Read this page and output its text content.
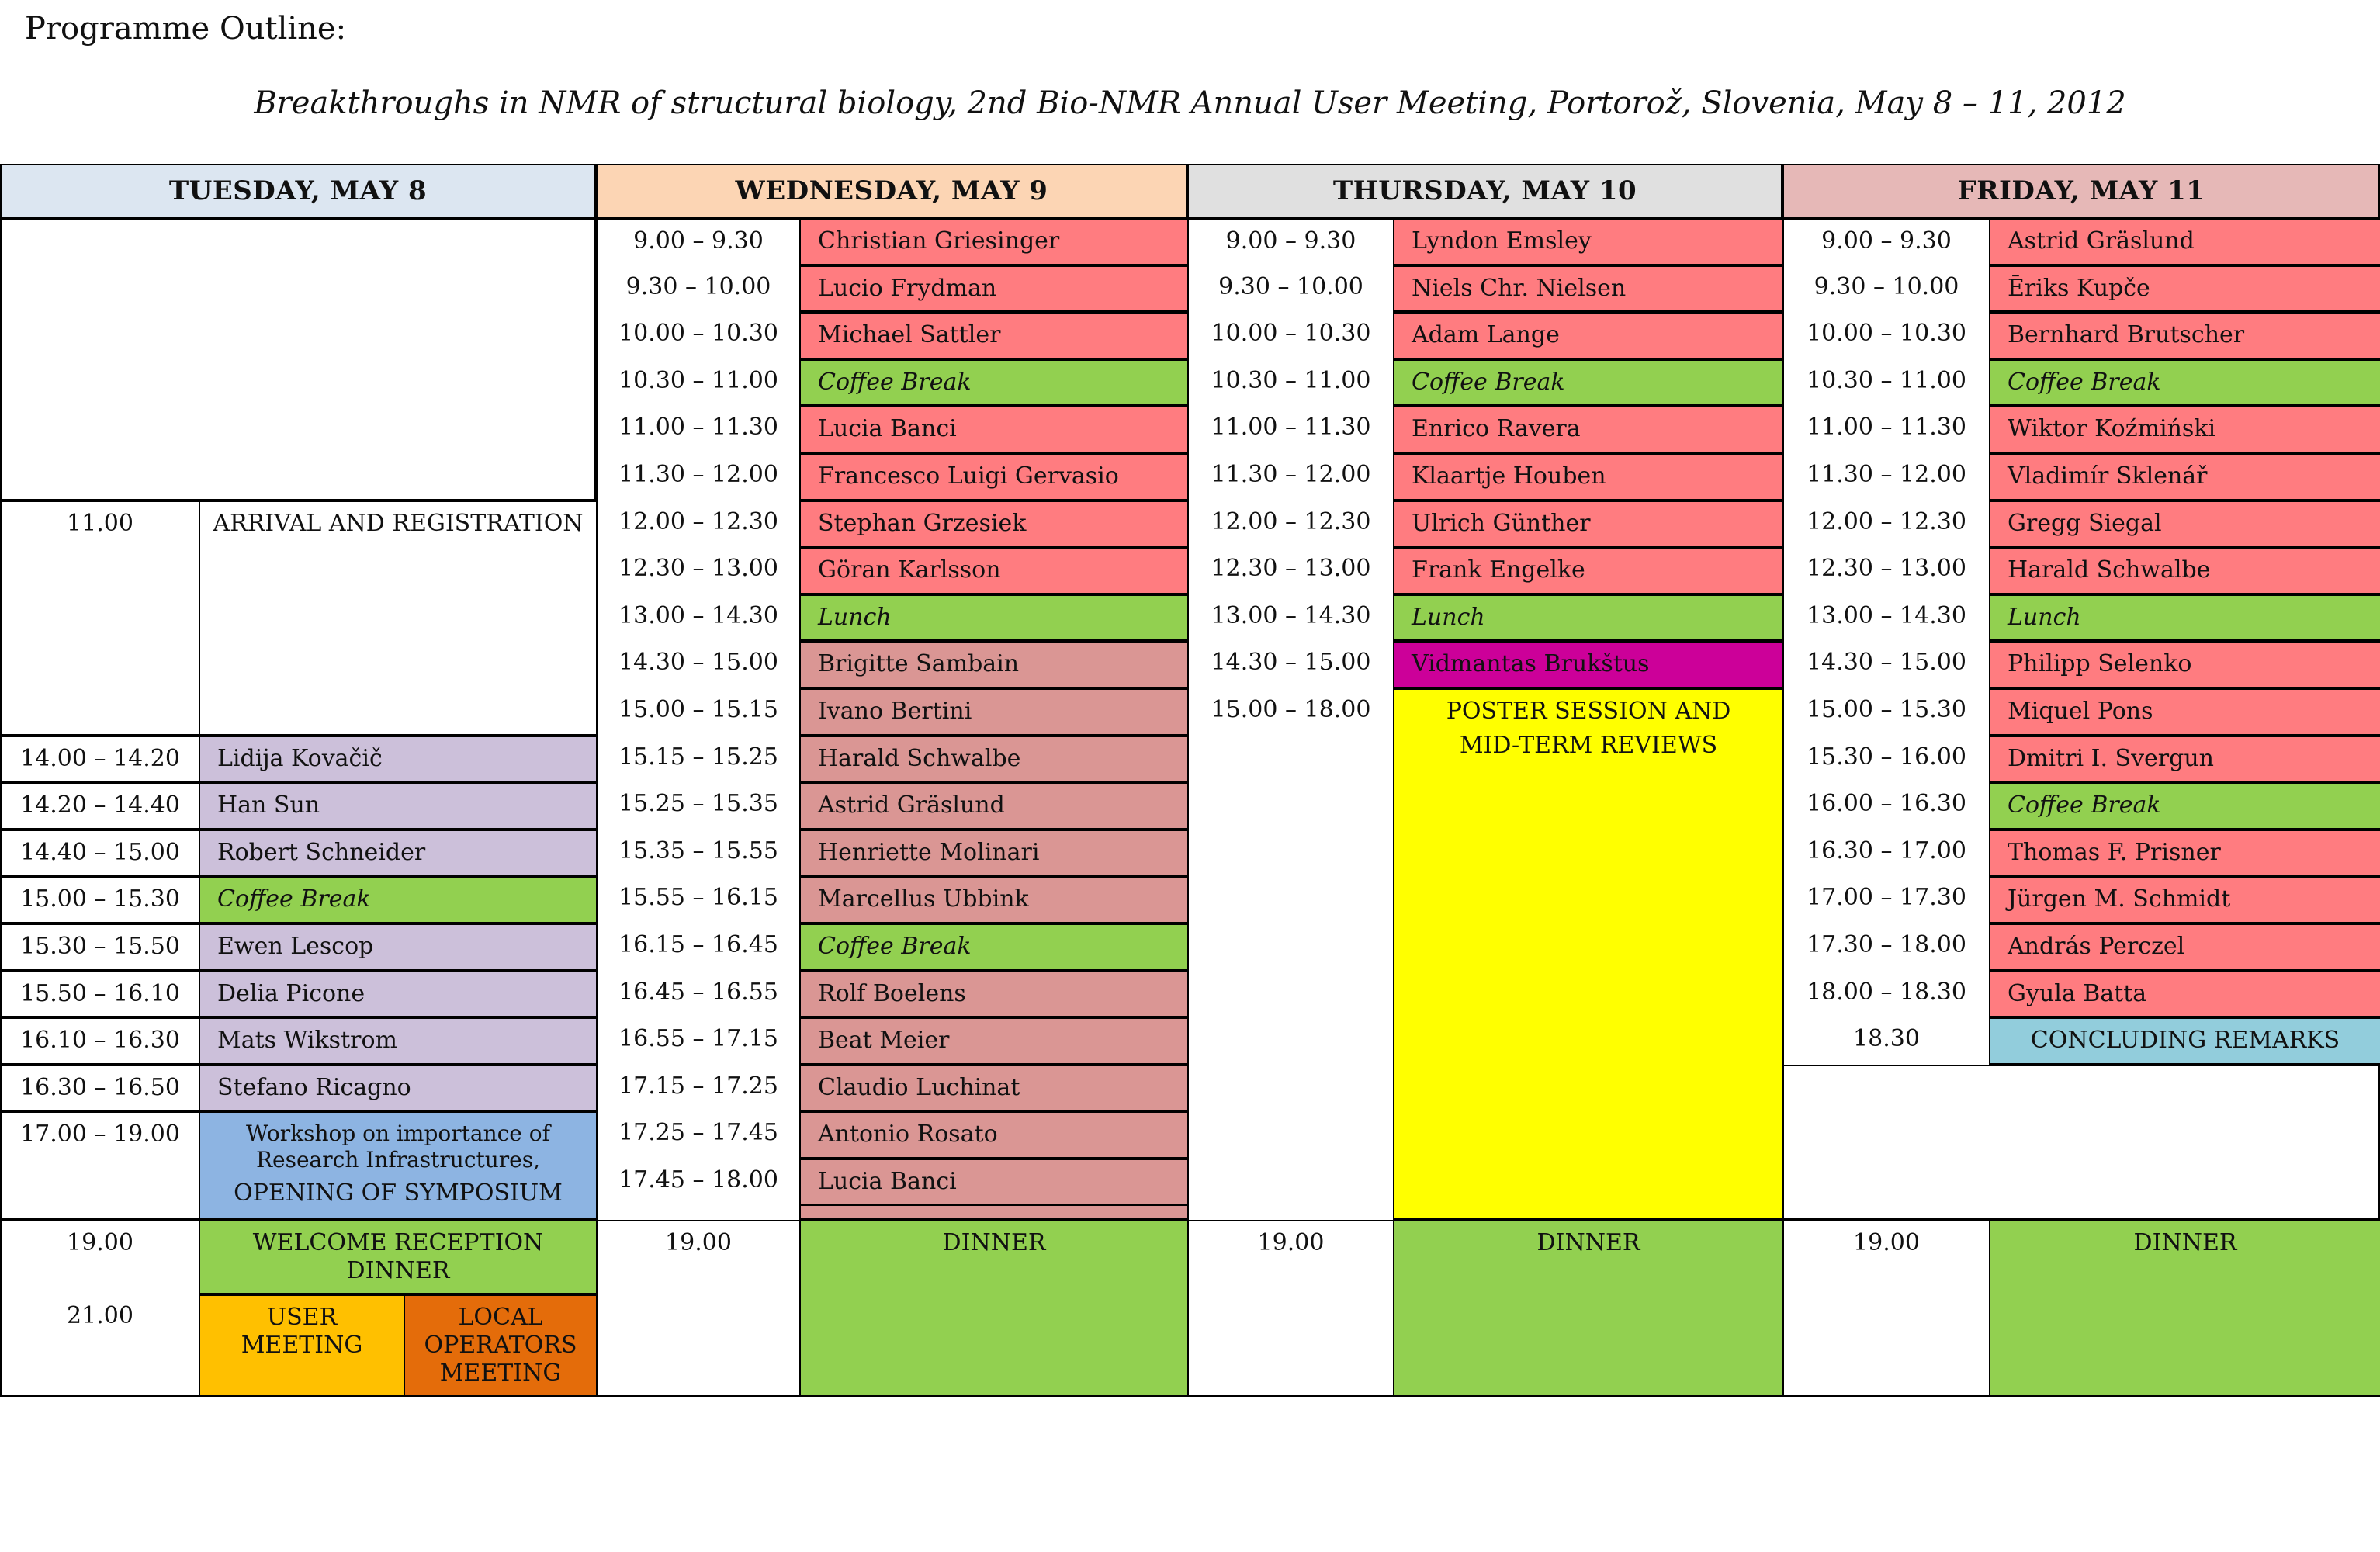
Programme Outline:
Breakthroughs in NMR of structural biology, 2nd Bio-NMR Annual User Meeting, Portorož, Slovenia, May 8 – 11, 2012
TUESDAY, MAY 8	WEDNESDAY, MAY 9	THURSDAY, MAY 10	FRIDAY, MAY 11
11.00	ARRIVAL AND REGISTRATION
14.00 – 14.20	Lidija Kovačič
14.20 – 14.40	Han Sun
14.40 – 15.00	Robert Schneider
15.00 – 15.30	Coffee Break
15.30 – 15.50	Ewen Lescop
15.50 – 16.10	Delia Picone
16.10 – 16.30	Mats Wikstrom
16.30 – 16.50	Stefano Ricagno
17.00 – 19.00	Workshop on importance of Research Infrastructures,
OPENING OF SYMPOSIUM
19.00	WELCOME RECEPTION DINNER
21.00	USER MEETING
LOCAL OPERATORS MEETING
9.00 – 9.30	Christian Griesinger
9.30 – 10.00	Lucio Frydman
10.00 – 10.30	Michael Sattler
10.30 – 11.00	Coffee Break
11.00 – 11.30	Lucia Banci
11.30 – 12.00	Francesco Luigi Gervasio
12.00 – 12.30	Stephan Grzesiek
12.30 – 13.00	Göran Karlsson
13.00 – 14.30	Lunch
14.30 – 15.00	Brigitte Sambain
15.00 – 15.15	Ivano Bertini
15.15 – 15.25	Harald Schwalbe
15.25 – 15.35	Astrid Gräslund
15.35 – 15.55	Henriette Molinari
15.55 – 16.15	Marcellus Ubbink
16.15 – 16.45	Coffee Break
16.45 – 16.55	Rolf Boelens
16.55 – 17.15	Beat Meier
17.15 – 17.25	Claudio Luchinat
17.25 – 17.45	Antonio Rosato
17.45 – 18.00	Lucia Banci
19.00	DINNER
9.00 – 9.30	Lyndon Emsley
9.30 – 10.00	Niels Chr. Nielsen
10.00 – 10.30	Adam Lange
10.30 – 11.00	Coffee Break
11.00 – 11.30	Enrico Ravera
11.30 – 12.00	Klaartje Houben
12.00 – 12.30	Ulrich Günther
12.30 – 13.00	Frank Engelke
13.00 – 14.30	Lunch
14.30 – 15.00	Vidmantas Brukštus
15.00 – 18.00	POSTER SESSION AND
MID-TERM REVIEWS
19.00	DINNER
9.00 – 9.30	Astrid Gräslund
9.30 – 10.00	Ēriks Kupče
10.00 – 10.30	Bernhard Brutscher
10.30 – 11.00	Coffee Break
11.00 – 11.30	Wiktor Koźmiński
11.30 – 12.00	Vladimír Sklenář
12.00 – 12.30	Gregg Siegal
12.30 – 13.00	Harald Schwalbe
13.00 – 14.30	Lunch
14.30 – 15.00	Philipp Selenko
15.00 – 15.30	Miquel Pons
15.30 – 16.00	Dmitri I. Svergun
16.00 – 16.30	Coffee Break
16.30 – 17.00	Thomas F. Prisner
17.00 – 17.30	Jürgen M. Schmidt
17.30 – 18.00	András Perczel
18.00 – 18.30	Gyula Batta
18.30	CONCLUDING REMARKS
19.00	DINNER
